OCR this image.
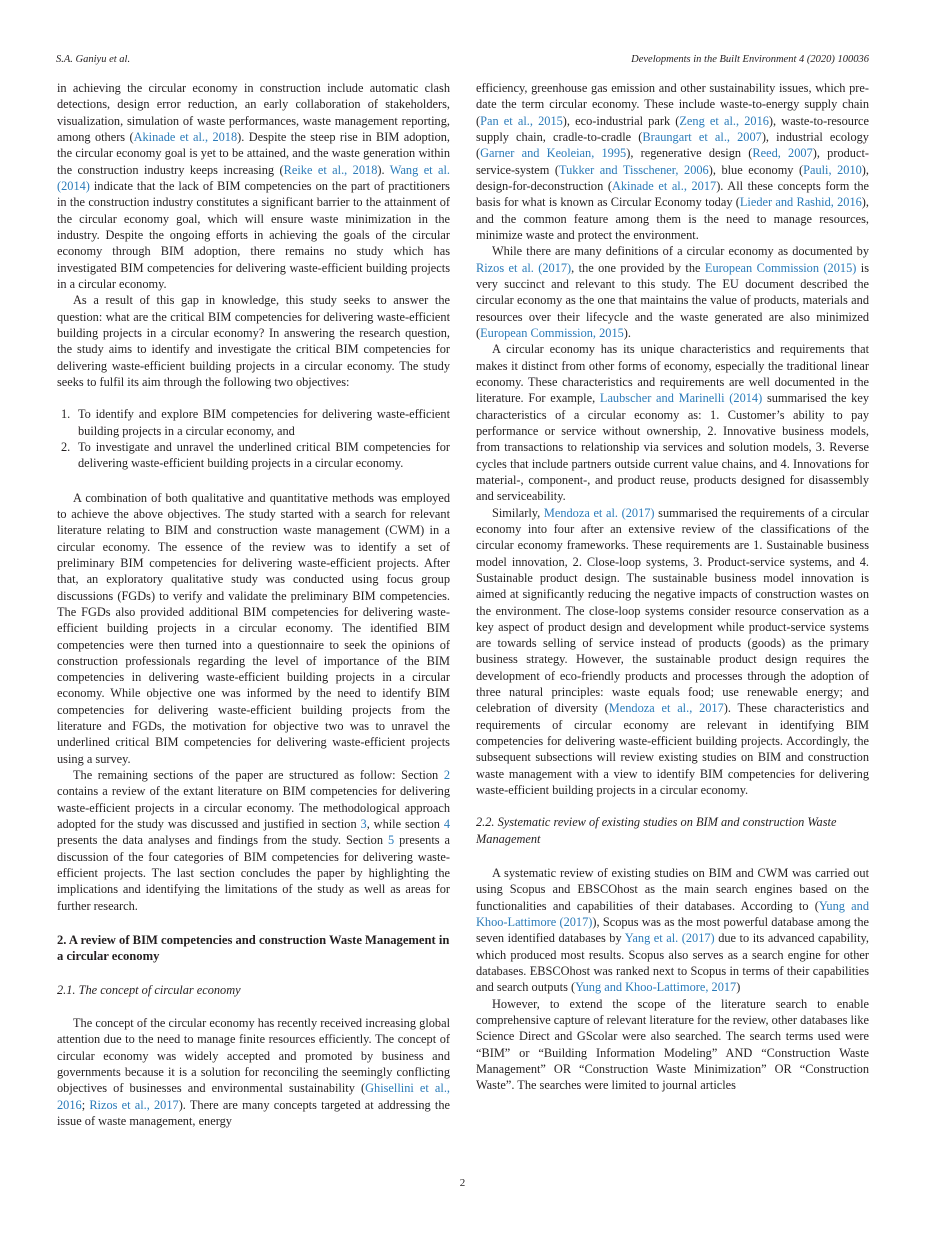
S.A. Ganiyu et al.	Developments in the Built Environment 4 (2020) 100036

in achieving the circular economy in construction include automatic clash detections, design error reduction, an early collaboration of stakeholders, visualization, simulation of waste performances, waste management reporting, among others (Akinade et al., 2018). Despite the steep rise in BIM adoption, the circular economy goal is yet to be attained, and the waste generation within the construction industry keeps increasing (Reike et al., 2018). Wang et al. (2014) indicate that the lack of BIM competencies on the part of practitioners in the construction industry constitutes a significant barrier to the attainment of the circular economy goal, which will ensure waste minimization in the industry. Despite the ongoing efforts in achieving the goals of the circular economy through BIM adoption, there remains no study which has investigated BIM competencies for delivering waste-efficient building projects in a circular economy.

As a result of this gap in knowledge, this study seeks to answer the question: what are the critical BIM competencies for delivering waste-efficient building projects in a circular economy? In answering the research question, the study aims to identify and investigate the critical BIM competencies for delivering waste-efficient building projects in a circular economy. The study seeks to fulfil its aim through the following two objectives:

1. To identify and explore BIM competencies for delivering waste-efficient building projects in a circular economy, and
2. To investigate and unravel the underlined critical BIM competencies for delivering waste-efficient building projects in a circular economy.

A combination of both qualitative and quantitative methods was employed to achieve the above objectives. The study started with a search for relevant literature relating to BIM and construction waste management (CWM) in a circular economy. The essence of the review was to identify a set of preliminary BIM competencies for delivering waste-efficient projects. After that, an exploratory qualitative study was conducted using focus group discussions (FGDs) to verify and validate the preliminary BIM competencies. The FGDs also provided additional BIM competencies for delivering waste-efficient building projects in a circular economy. The identified BIM competencies were then turned into a questionnaire to seek the opinions of construction professionals regarding the level of importance of the BIM competencies in delivering waste-efficient building projects in a circular economy. While objective one was informed by the need to identify BIM competencies for delivering waste-efficient building projects from the literature and FGDs, the motivation for objective two was to unravel the underlined critical BIM competencies for delivering waste-efficient projects using a survey.

The remaining sections of the paper are structured as follow: Section 2 contains a review of the extant literature on BIM competencies for delivering waste-efficient projects in a circular economy. The methodological approach adopted for the study was discussed and justified in section 3, while section 4 presents the data analyses and findings from the study. Section 5 presents a discussion of the four categories of BIM competencies for delivering waste-efficient projects. The last section concludes the paper by highlighting the implications and identifying the limitations of the study as well as areas for further research.

2. A review of BIM competencies and construction Waste Management in a circular economy
2.1. The concept of circular economy

The concept of the circular economy has recently received increasing global attention due to the need to manage finite resources efficiently. The concept of circular economy was widely accepted and promoted by business and governments because it is a solution for reconciling the seemingly conflicting objectives of businesses and environmental sustainability (Ghisellini et al., 2016; Rizos et al., 2017). There are many concepts targeted at addressing the issue of waste management, energy

efficiency, greenhouse gas emission and other sustainability issues, which pre-date the term circular economy. These include waste-to-energy supply chain (Pan et al., 2015), eco-industrial park (Zeng et al., 2016), waste-to-resource supply chain, cradle-to-cradle (Braungart et al., 2007), industrial ecology (Garner and Keoleian, 1995), regenerative design (Reed, 2007), product-service-system (Tukker and Tisschener, 2006), blue economy (Pauli, 2010), design-for-deconstruction (Akinade et al., 2017). All these concepts form the basis for what is known as Circular Economy today (Lieder and Rashid, 2016), and the common feature among them is the need to manage resources, minimize waste and protect the environment.

While there are many definitions of a circular economy as documented by Rizos et al. (2017), the one provided by the European Commission (2015) is very succinct and relevant to this study. The EU document described the circular economy as the one that maintains the value of products, materials and resources over their lifecycle and the waste generated are also minimized (European Commission, 2015).

A circular economy has its unique characteristics and requirements that makes it distinct from other forms of economy, especially the traditional linear economy. These characteristics and requirements are well documented in the literature. For example, Laubscher and Marinelli (2014) summarised the key characteristics of a circular economy as: 1. Customer’s ability to pay performance or service without ownership, 2. Innovative business models, from transactions to relationship via services and solution models, 3. Reverse cycles that include partners outside current value chains, and 4. Innovations for material-, component-, and product reuse, products designed for disassembly and serviceability.

Similarly, Mendoza et al. (2017) summarised the requirements of a circular economy into four after an extensive review of the classifications of the circular economy frameworks. These requirements are 1. Sustainable business model innovation, 2. Close-loop systems, 3. Product-service systems, and 4. Sustainable product design. The sustainable business model innovation is aimed at significantly reducing the negative impacts of construction wastes on the environment. The close-loop systems consider resource conservation as a key aspect of product design and development while product-service systems are towards selling of service instead of products (goods) as the primary business strategy. However, the sustainable product design requires the development of eco-friendly products and processes through the adoption of three natural principles: waste equals food; use renewable energy; and celebration of diversity (Mendoza et al., 2017). These characteristics and requirements of circular economy are relevant in identifying BIM competencies for delivering waste-efficient building projects. Accordingly, the subsequent subsections will review existing studies on BIM and construction waste management with a view to identify BIM competencies for delivering waste-efficient building projects in a circular economy.

2.2. Systematic review of existing studies on BIM and construction Waste Management

A systematic review of existing studies on BIM and CWM was carried out using Scopus and EBSCOhost as the main search engines based on the functionalities and capabilities of their databases. According to (Yung and Khoo-Lattimore (2017)), Scopus was as the most powerful database among the seven identified databases by Yang et al. (2017) due to its advanced capability, which produced most results. Scopus also serves as a search engine for other databases. EBSCOhost was ranked next to Scopus in terms of their capabilities and search outputs (Yung and Khoo-Lattimore, 2017)

However, to extend the scope of the literature search to enable comprehensive capture of relevant literature for the review, other databases like Science Direct and GScolar were also searched. The search terms used were “BIM” or “Building Information Modeling” AND “Construction Waste Management” OR “Construction Waste Minimization” OR “Construction Waste”. The searches were limited to journal articles

2
